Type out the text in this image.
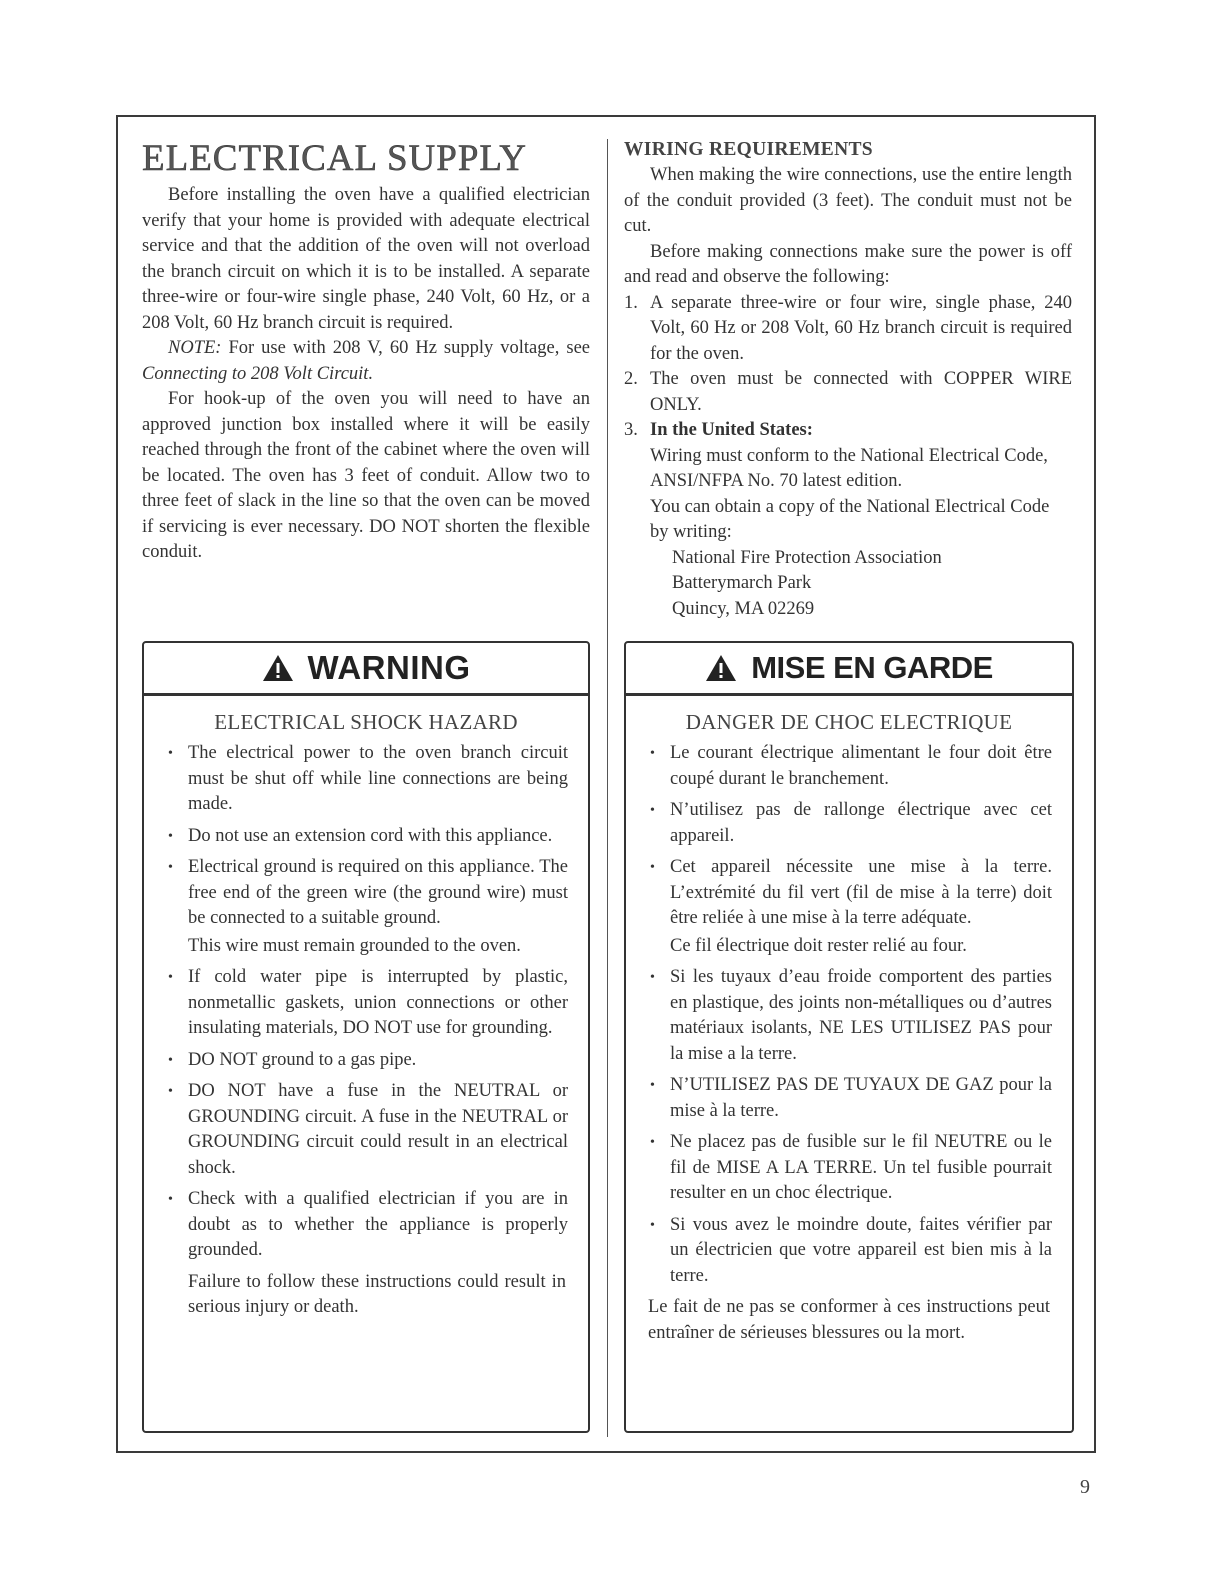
ELECTRICAL SUPPLY

Before installing the oven have a qualified electrician verify that your home is provided with adequate electrical service and that the addition of the oven will not overload the branch circuit on which it is to be installed. A separate three-wire or four-wire single phase, 240 Volt, 60 Hz, or a 208 Volt, 60 Hz branch circuit is required.

NOTE: For use with 208 V, 60 Hz supply voltage, see Connecting to 208 Volt Circuit.

For hook-up of the oven you will need to have an approved junction box installed where it will be easily reached through the front of the cabinet where the oven will be located. The oven has 3 feet of conduit. Allow two to three feet of slack in the line so that the oven can be moved if servicing is ever necessary. DO NOT shorten the flexible conduit.

WIRING REQUIREMENTS

When making the wire connections, use the entire length of the conduit provided (3 feet). The conduit must not be cut.

Before making connections make sure the power is off and read and observe the following:

1. A separate three-wire or four wire, single phase, 240 Volt, 60 Hz or 208 Volt, 60 Hz branch circuit is required for the oven.
2. The oven must be connected with COPPER WIRE ONLY.
3. In the United States:

Wiring must conform to the National Electrical Code, ANSI/NFPA No. 70 latest edition.

You can obtain a copy of the National Electrical Code by writing:

National Fire Protection Association

Batterymarch Park

Quincy, MA 02269

WARNING
ELECTRICAL SHOCK HAZARD
• The electrical power to the oven branch circuit must be shut off while line connections are being made.
• Do not use an extension cord with this appliance.
• Electrical ground is required on this appliance. The free end of the green wire (the ground wire) must be connected to a suitable ground.

This wire must remain grounded to the oven.

• If cold water pipe is interrupted by plastic, nonmetallic gaskets, union connections or other insulating materials, DO NOT use for grounding.
• DO NOT ground to a gas pipe.
• DO NOT have a fuse in the NEUTRAL or GROUNDING circuit. A fuse in the NEUTRAL or GROUNDING circuit could result in an electrical shock.
• Check with a qualified electrician if you are in doubt as to whether the appliance is properly grounded.

Failure to follow these instructions could result in serious injury or death.

MISE EN GARDE
DANGER DE CHOC ELECTRIQUE
• Le courant électrique alimentant le four doit être coupé durant le branchement.
• N’utilisez pas de rallonge électrique avec cet appareil.
• Cet appareil nécessite une mise à la terre. L’extrémité du fil vert (fil de mise à la terre) doit être reliée à une mise à la terre adéquate.

Ce fil électrique doit rester relié au four.

• Si les tuyaux d’eau froide comportent des parties en plastique, des joints non-métalliques ou d’autres matériaux isolants, NE LES UTILISEZ PAS pour la mise a la terre.
• N’UTILISEZ PAS DE TUYAUX DE GAZ pour la mise à la terre.
• Ne placez pas de fusible sur le fil NEUTRE ou le fil de MISE A LA TERRE. Un tel fusible pourrait resulter en un choc électrique.
• Si vous avez le moindre doute, faites vérifier par un électricien que votre appareil est bien mis à la terre.

Le fait de ne pas se conformer à ces instructions peut entraîner de sérieuses blessures ou la mort.

9
